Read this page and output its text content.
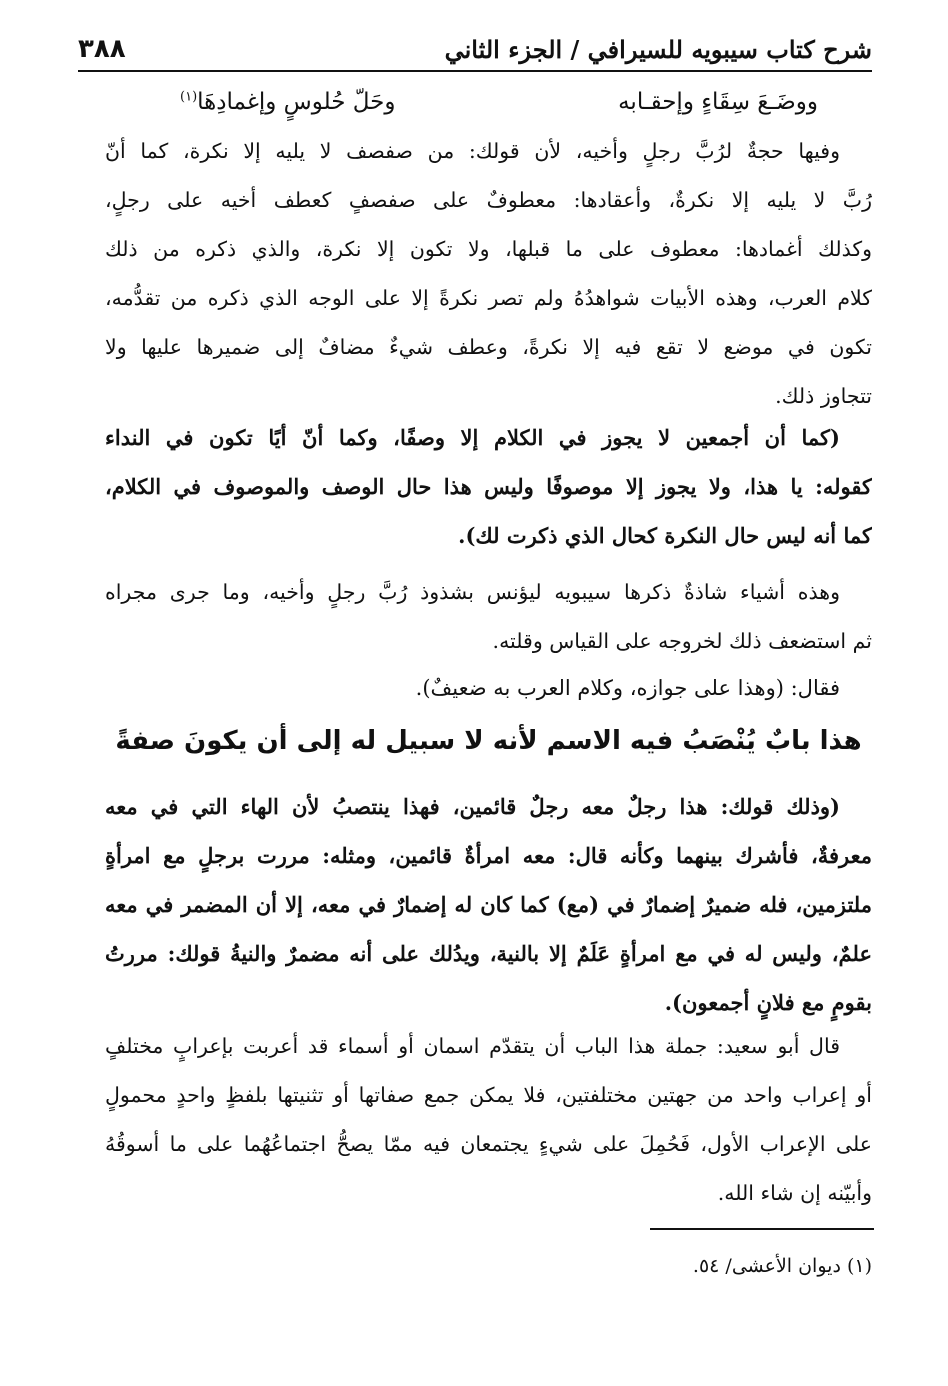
شرح كتاب سيبويه للسيرافي / الجزء الثاني
٣٨٨
ووضَـعَ سِقَاءٍ وإحقـابه
وحَلّ حُلوسٍ وإغمادِهَا$^{(١)}$
وفيها حجةٌ لرُبَّ رجلٍ وأخيه، لأن قولك: من صفصف لا يليه إلا نكرة، كما أنّ
رُبَّ لا يليه إلا نكرةٌ، وأعقادها: معطوفٌ على صفصفٍ كعطف أخيه على رجلٍ،
وكذلك أغمادها: معطوف على ما قبلها، ولا تكون إلا نكرة، والذي ذكره من ذلك
كلام العرب، وهذه الأبيات شواهدُهُ ولم تصر نكرةً إلا على الوجه الذي ذكره من تقدُّمه،
تكون في موضع لا تقع فيه إلا نكرةً، وعطف شيءٌ مضافٌ إلى ضميرها عليها ولا
تتجاوز ذلك.
(كما أن أجمعين لا يجوز في الكلام إلا وصفًا، وكما أنّ أيًا تكون في النداء
كقوله: يا هذا، ولا يجوز إلا موصوفًا وليس هذا حال الوصف والموصوف في الكلام،
كما أنه ليس حال النكرة كحال الذي ذكرت لك).
وهذه أشياء شاذةٌ ذكرها سيبويه ليؤنس بشذوذ رُبَّ رجلٍ وأخيه، وما جرى مجراه
ثم استضعف ذلك لخروجه على القياس وقلته.
فقال: (وهذا على جوازه، وكلام العرب به ضعيفٌ).
هذا بابٌ يُنْصَبُ فيه الاسم لأنه لا سبيل له إلى أن يكونَ صفةً
(وذلك قولك: هذا رجلٌ معه رجلٌ قائمين، فهذا ينتصبُ لأن الهاء التي في معه
معرفةٌ، فأشرك بينهما وكأنه قال: معه امرأةٌ قائمين، ومثله: مررت برجلٍ مع امرأةٍ
ملتزمين، فله ضميرٌ إضمارٌ في (مع) كما كان له إضمارٌ في معه، إلا أن المضمر في معه
علمٌ، وليس له في مع امرأةٍ عَلَمٌ إلا بالنية، ويدُلك على أنه مضمرٌ والنيةُ قولك: مررتُ
بقومٍ مع فلانٍ أجمعون).
قال أبو سعيد: جملة هذا الباب أن يتقدّم اسمان أو أسماء قد أعربت بإعرابٍ مختلفٍ
أو إعراب واحد من جهتين مختلفتين، فلا يمكن جمع صفاتها أو تثنيتها بلفظٍ واحدٍ محمولٍ
على الإعراب الأول، فَحُمِلَ على شيءٍ يجتمعان فيه ممّا يصحُّ اجتماعُهُما على ما أسوقُهُ
وأبيّنه إن شاء الله.
(١) ديوان الأعشى/ ٥٤.
